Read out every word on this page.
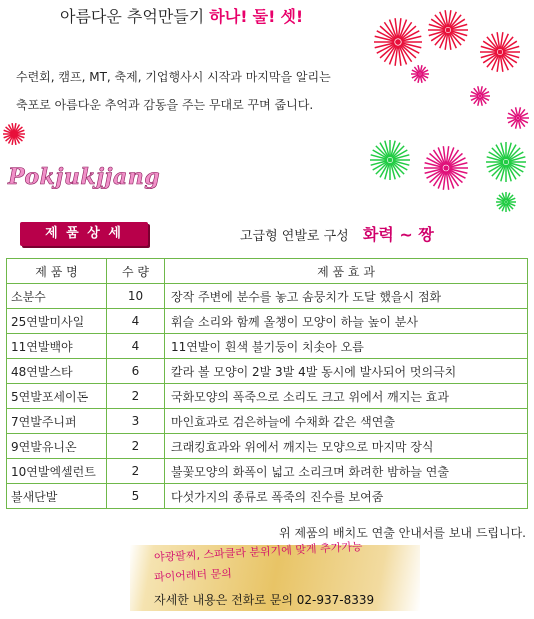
아름다운 추억만들기 하나! 둘! 셋!
수련회, 캠프, MT, 축제, 기업행사시 시작과 마지막을 알리는
축포로 아름다운 추억과 감동을 주는 무대로 꾸며 줍니다.
Pokjukjjang
제 품 상 세	고급형 연발로 구성 화력 ~ 짱
제 품 명	수 량	제 품 효 과
소분수	10	장작 주변에 분수를 놓고 솜뭉치가 도달 했을시 점화
25연발미사일	4	휘슬 소리와 함께 올챙이 모양이 하늘 높이 분사
11연발백야	4	11연발이 흰색 불기둥이 치솟아 오름
48연발스타	6	칼라 볼 모양이 2발 3발 4발 동시에 발사되어 멋의극치
5연발포세이돈	2	국화모양의 폭죽으로 소리도 크고 위에서 깨지는 효과
7연발주니퍼	3	마인효과로 검은하늘에 수채화 같은 색연출
9연발유니온	2	크래킹효과와 위에서 깨지는 모양으로 마지막 장식
10연발엑셀런트	2	불꽃모양의 화폭이 넓고 소리크며 화려한 밤하늘 연출
불새단발	5	다섯가지의 종류로 폭죽의 진수를 보여줌
위 제품의 배치도 연출 안내서를 보내 드립니다.
야광팔찌, 스파클라 분위기에 맞게 추가가능
파이어레터 문의
자세한 내용은 전화로 문의 02-937-8339
